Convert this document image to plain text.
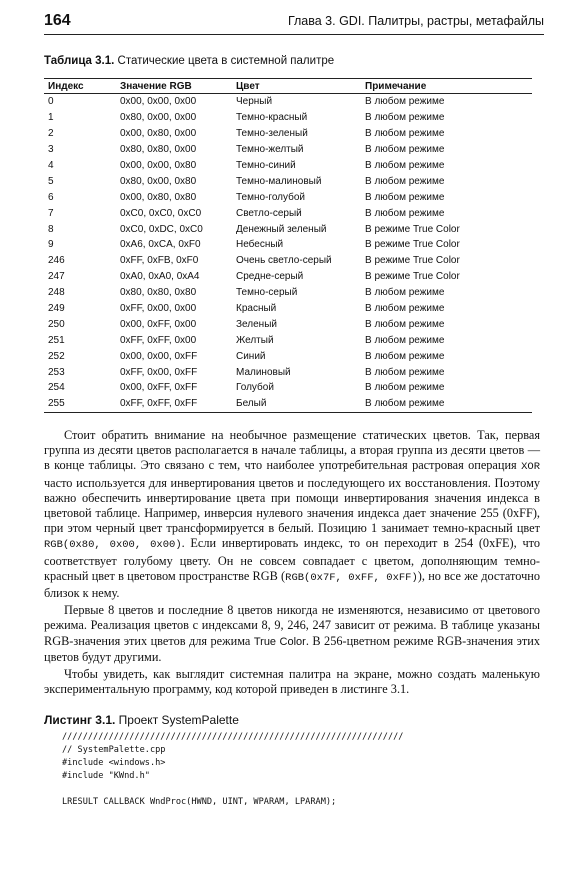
164	Глава 3. GDI. Палитры, растры, метафайлы
Таблица 3.1. Статические цвета в системной палитре
Индекс	Значение RGB	Цвет	Примечание
0	0x00, 0x00, 0x00	Черный	В любом режиме
1	0x80, 0x00, 0x00	Темно-красный	В любом режиме
2	0x00, 0x80, 0x00	Темно-зеленый	В любом режиме
3	0x80, 0x80, 0x00	Темно-желтый	В любом режиме
4	0x00, 0x00, 0x80	Темно-синий	В любом режиме
5	0x80, 0x00, 0x80	Темно-малиновый	В любом режиме
6	0x00, 0x80, 0x80	Темно-голубой	В любом режиме
7	0xC0, 0xC0, 0xC0	Светло-серый	В любом режиме
8	0xC0, 0xDC, 0xC0	Денежный зеленый	В режиме True Color
9	0xA6, 0xCA, 0xF0	Небесный	В режиме True Color
246	0xFF, 0xFB, 0xF0	Очень светло-серый	В режиме True Color
247	0xA0, 0xA0, 0xA4	Средне-серый	В режиме True Color
248	0x80, 0x80, 0x80	Темно-серый	В любом режиме
249	0xFF, 0x00, 0x00	Красный	В любом режиме
250	0x00, 0xFF, 0x00	Зеленый	В любом режиме
251	0xFF, 0xFF, 0x00	Желтый	В любом режиме
252	0x00, 0x00, 0xFF	Синий	В любом режиме
253	0xFF, 0x00, 0xFF	Малиновый	В любом режиме
254	0x00, 0xFF, 0xFF	Голубой	В любом режиме
255	0xFF, 0xFF, 0xFF	Белый	В любом режиме

Стоит обратить внимание на необычное размещение статических цветов. Так, первая группа из десяти цветов располагается в начале таблицы, а вторая группа из десяти цветов — в конце таблицы. Это связано с тем, что наиболее употребительная растровая операция XOR часто используется для инвертирования цветов и последующего их восстановления. Поэтому важно обеспечить инвертирование цвета при помощи инвертирования значения индекса в цветовой таблице. Например, инверсия нулевого значения индекса дает значение 255 (0xFF), при этом черный цвет трансформируется в белый. Позицию 1 занимает темно-красный цвет RGB(0x80, 0x00, 0x00). Если инвертировать индекс, то он переходит в 254 (0xFE), что соответствует голубому цвету. Он не совсем совпадает с цветом, дополняющим темно-красный цвет в цветовом пространстве RGB (RGB(0x7F, 0xFF, 0xFF)), но все же достаточно близок к нему.

Первые 8 цветов и последние 8 цветов никогда не изменяются, независимо от цветового режима. Реализация цветов с индексами 8, 9, 246, 247 зависит от режима. В таблице указаны RGB-значения этих цветов для режима True Color. В 256-цветном режиме RGB-значения этих цветов будут другими.

Чтобы увидеть, как выглядит системная палитра на экране, можно создать маленькую экспериментальную программу, код которой приведен в листинге 3.1.

Листинг 3.1. Проект SystemPalette
//////////////////////////////////////////////////////////////////
// SystemPalette.cpp
#include <windows.h>
#include "KWnd.h"

LRESULT CALLBACK WndProc(HWND, UINT, WPARAM, LPARAM);
